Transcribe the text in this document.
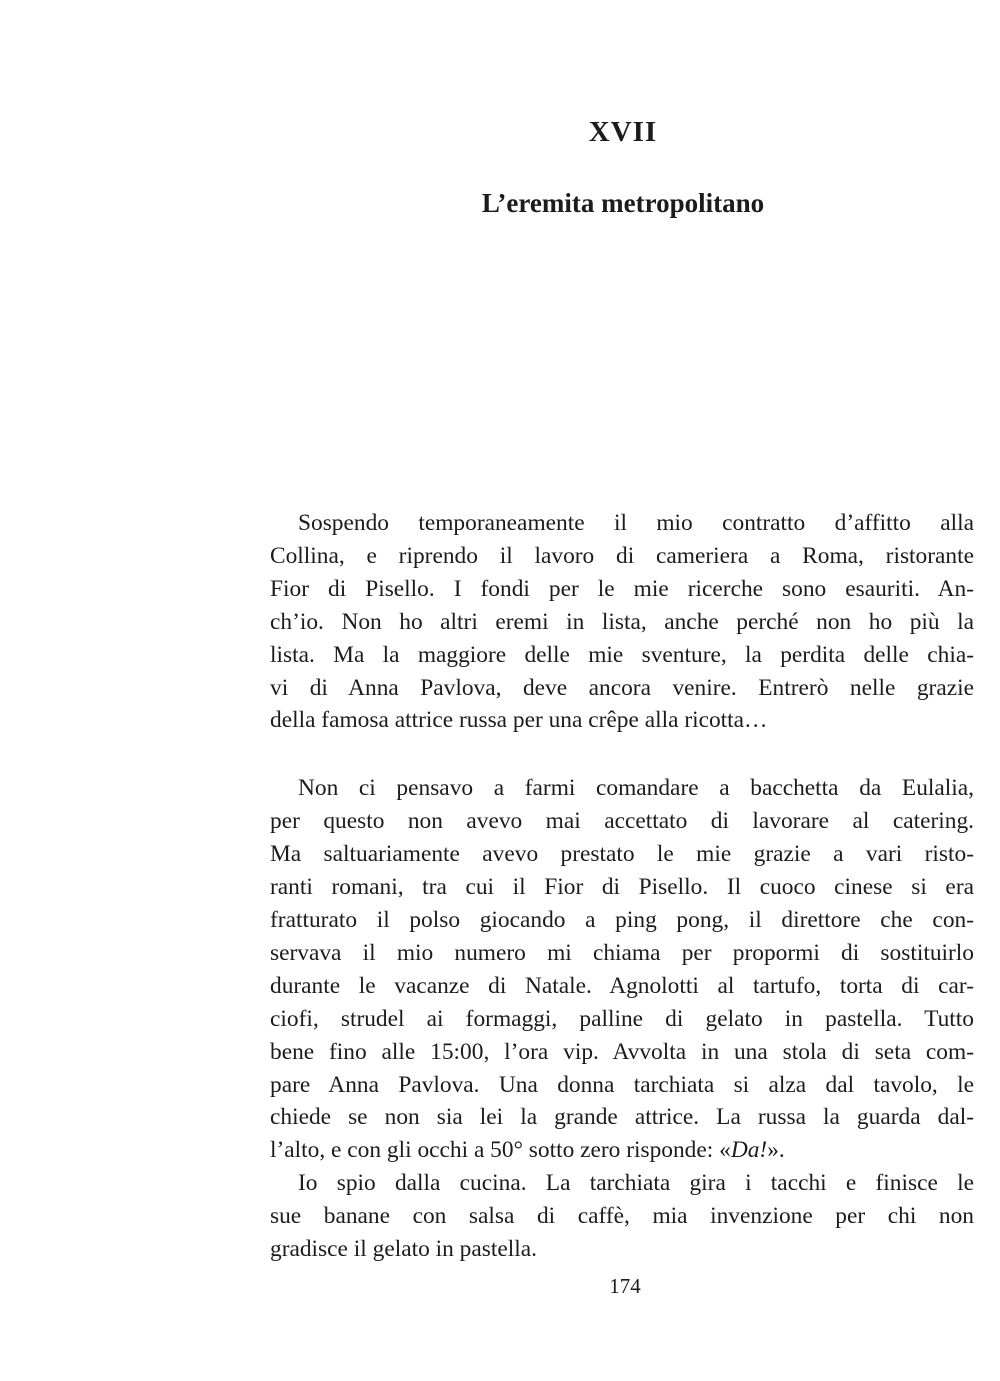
XVII
L’eremita metropolitano
Sospendo temporaneamente il mio contratto d’affitto alla
Collina, e riprendo il lavoro di cameriera a Roma, ristorante
Fior di Pisello. I fondi per le mie ricerche sono esauriti. An-
ch’io. Non ho altri eremi in lista, anche perché non ho più la
lista. Ma la maggiore delle mie sventure, la perdita delle chia-
vi di Anna Pavlova, deve ancora venire. Entrerò nelle grazie
della famosa attrice russa per una crêpe alla ricotta…
Non ci pensavo a farmi comandare a bacchetta da Eulalia,
per questo non avevo mai accettato di lavorare al catering.
Ma saltuariamente avevo prestato le mie grazie a vari risto-
ranti romani, tra cui il Fior di Pisello. Il cuoco cinese si era
fratturato il polso giocando a ping pong, il direttore che con-
servava il mio numero mi chiama per propormi di sostituirlo
durante le vacanze di Natale. Agnolotti al tartufo, torta di car-
ciofi, strudel ai formaggi, palline di gelato in pastella. Tutto
bene fino alle 15:00, l’ora vip. Avvolta in una stola di seta com-
pare Anna Pavlova. Una donna tarchiata si alza dal tavolo, le
chiede se non sia lei la grande attrice. La russa la guarda dal-
l’alto, e con gli occhi a 50° sotto zero risponde: «Da!».
Io spio dalla cucina. La tarchiata gira i tacchi e finisce le
sue banane con salsa di caffè, mia invenzione per chi non
gradisce il gelato in pastella.

174
